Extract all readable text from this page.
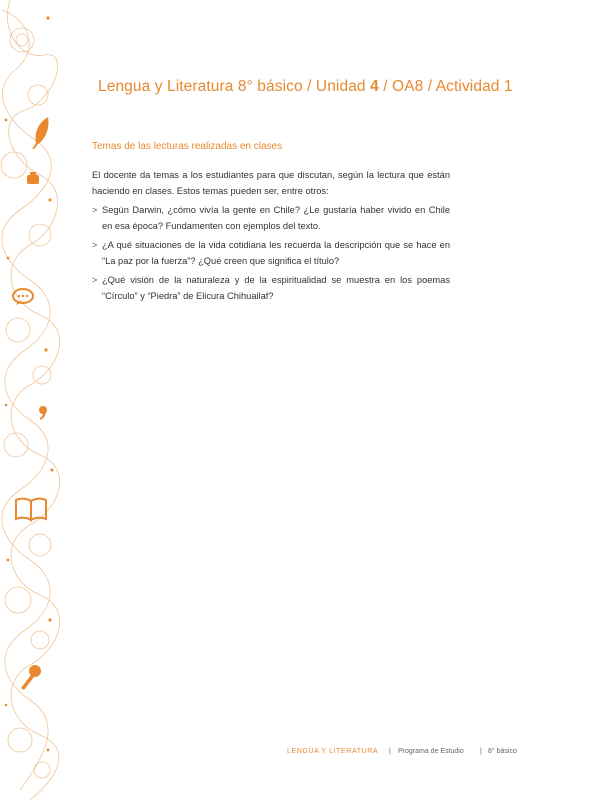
Lengua y Literatura 8° básico / Unidad 4 / OA8 / Actividad 1
Temas de las lecturas realizadas en clases

El docente da temas a los estudiantes para que discutan, según la lectura que están haciendo en clases. Estos temas pueden ser, entre otros:

> Según Darwin, ¿cómo vivía la gente en Chile? ¿Le gustaría haber vivido en Chile en esa época? Fundamenten con ejemplos del texto.
> ¿A qué situaciones de la vida cotidiana les recuerda la descripción que se hace en “La paz por la fuerza”? ¿Qué creen que significa el título?
> ¿Qué visión de la naturaleza y de la espiritualidad se muestra en los poemas “Círculo” y “Piedra” de Elicura Chihuailaf?
LENGUA Y LITERATURA | Programa de Estudio | 8° básico
